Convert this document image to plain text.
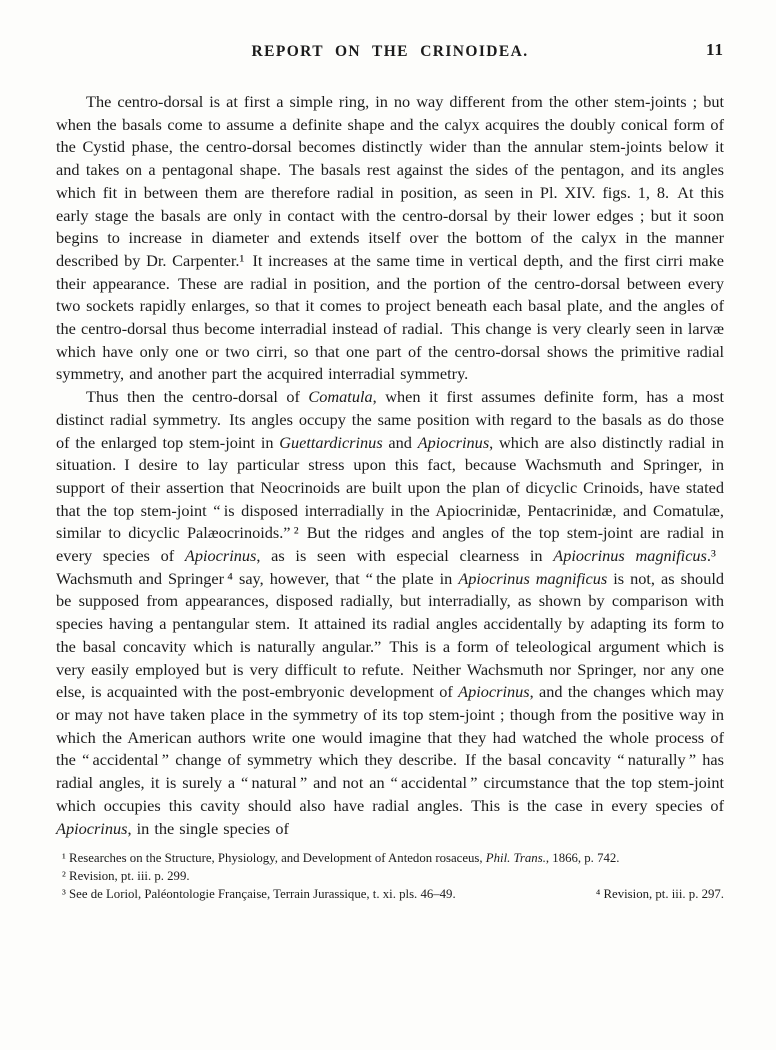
REPORT ON THE CRINOIDEA.	11

The centro-dorsal is at first a simple ring, in no way different from the other stem-joints ; but when the basals come to assume a definite shape and the calyx acquires the doubly conical form of the Cystid phase, the centro-dorsal becomes distinctly wider than the annular stem-joints below it and takes on a pentagonal shape. The basals rest against the sides of the pentagon, and its angles which fit in between them are therefore radial in position, as seen in Pl. XIV. figs. 1, 8. At this early stage the basals are only in contact with the centro-dorsal by their lower edges ; but it soon begins to increase in diameter and extends itself over the bottom of the calyx in the manner described by Dr. Carpenter.¹ It increases at the same time in vertical depth, and the first cirri make their appearance. These are radial in position, and the portion of the centro-dorsal between every two sockets rapidly enlarges, so that it comes to project beneath each basal plate, and the angles of the centro-dorsal thus become interradial instead of radial. This change is very clearly seen in larvæ which have only one or two cirri, so that one part of the centro-dorsal shows the primitive radial symmetry, and another part the acquired interradial symmetry.

Thus then the centro-dorsal of Comatula, when it first assumes definite form, has a most distinct radial symmetry. Its angles occupy the same position with regard to the basals as do those of the enlarged top stem-joint in Guettardicrinus and Apiocrinus, which are also distinctly radial in situation. I desire to lay particular stress upon this fact, because Wachsmuth and Springer, in support of their assertion that Neocrinoids are built upon the plan of dicyclic Crinoids, have stated that the top stem-joint “ is disposed interradially in the Apiocrinidæ, Pentacrinidæ, and Comatulæ, similar to dicyclic Palæocrinoids.” ² But the ridges and angles of the top stem-joint are radial in every species of Apiocrinus, as is seen with especial clearness in Apiocrinus magnificus.³ Wachsmuth and Springer ⁴ say, however, that “ the plate in Apiocrinus magnificus is not, as should be supposed from appearances, disposed radially, but interradially, as shown by comparison with species having a pentangular stem. It attained its radial angles accidentally by adapting its form to the basal concavity which is naturally angular.” This is a form of teleological argument which is very easily employed but is very difficult to refute. Neither Wachsmuth nor Springer, nor any one else, is acquainted with the post-embryonic development of Apiocrinus, and the changes which may or may not have taken place in the symmetry of its top stem-joint ; though from the positive way in which the American authors write one would imagine that they had watched the whole process of the “ accidental ” change of symmetry which they describe. If the basal concavity “ naturally ” has radial angles, it is surely a “ natural ” and not an “ accidental ” circumstance that the top stem-joint which occupies this cavity should also have radial angles. This is the case in every species of Apiocrinus, in the single species of

¹ Researches on the Structure, Physiology, and Development of Antedon rosaceus, Phil. Trans., 1866, p. 742.
² Revision, pt. iii. p. 299.
³ See de Loriol, Paléontologie Française, Terrain Jurassique, t. xi. pls. 46–49.	⁴ Revision, pt. iii. p. 297.
